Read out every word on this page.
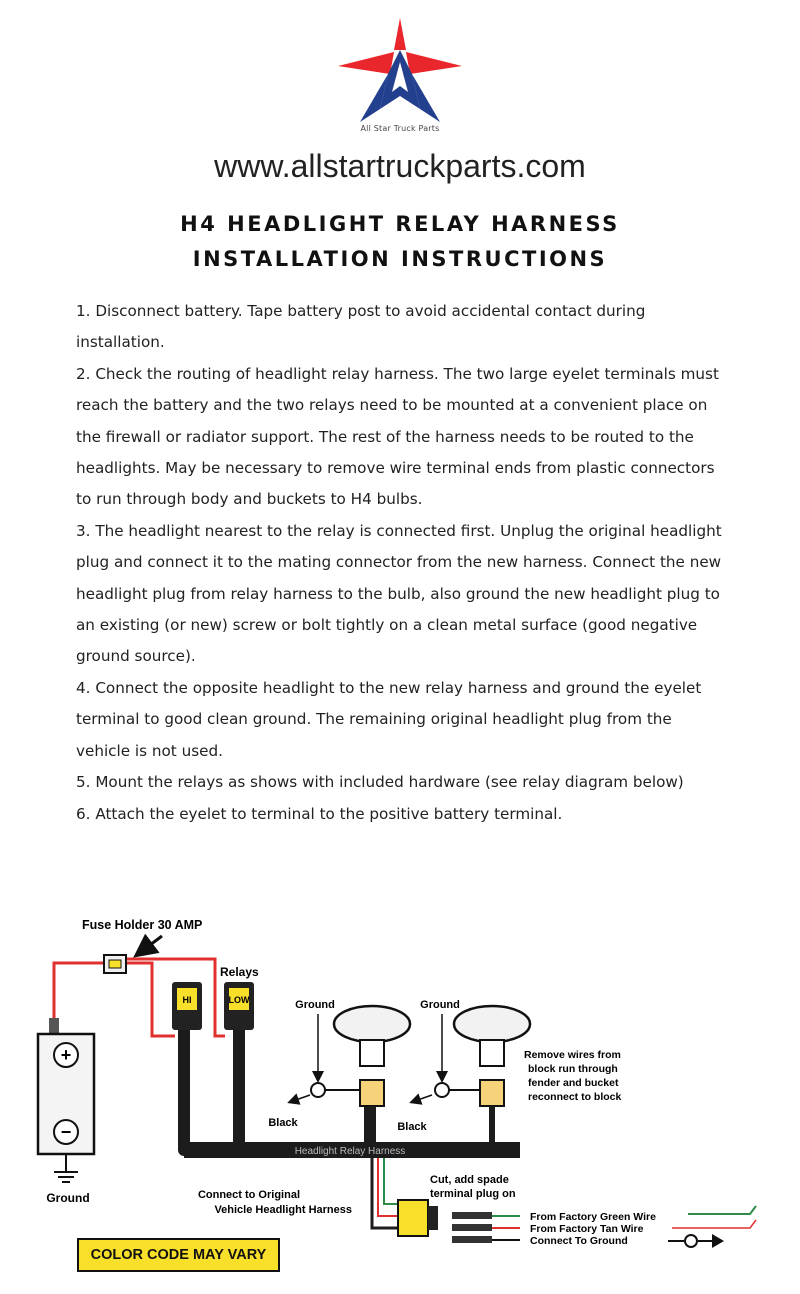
All Star Truck Parts
www.allstartruckparts.com
H4 HEADLIGHT RELAY HARNESS
INSTALLATION INSTRUCTIONS

1. Disconnect battery. Tape battery post to avoid accidental contact during installation.

2. Check the routing of headlight relay harness. The two large eyelet terminals must reach the battery and the two relays need to be mounted at a convenient place on the firewall or radiator support. The rest of the harness needs to be routed to the headlights. May be necessary to remove wire terminal ends from plastic connectors to run through body and buckets to H4 bulbs.

3. The headlight nearest to the relay is connected first. Unplug the original headlight plug and connect it to the mating connector from the new harness. Connect the new headlight plug from relay harness to the bulb, also ground the new headlight plug to an existing (or new) screw or bolt tightly on a clean metal surface (good negative ground source).

4. Connect the opposite headlight to the new relay harness and ground the eyelet terminal to good clean ground. The remaining original headlight plug from the vehicle is not used.

5. Mount the relays as shows with included hardware (see relay diagram below)

6. Attach the eyelet to terminal to the positive battery terminal.

Fuse Holder 30 AMP
Relays
HI	LOW
Headlight Relay Harness
+
−
Ground
Ground
Black
Ground
Black
Remove wires from
block run through
fender and bucket
reconnect to block
Connect to Original
Vehicle Headlight Harness
Cut, add spade
terminal plug on
From Factory Green Wire
From Factory Tan Wire
Connect To Ground
COLOR CODE MAY VARY
